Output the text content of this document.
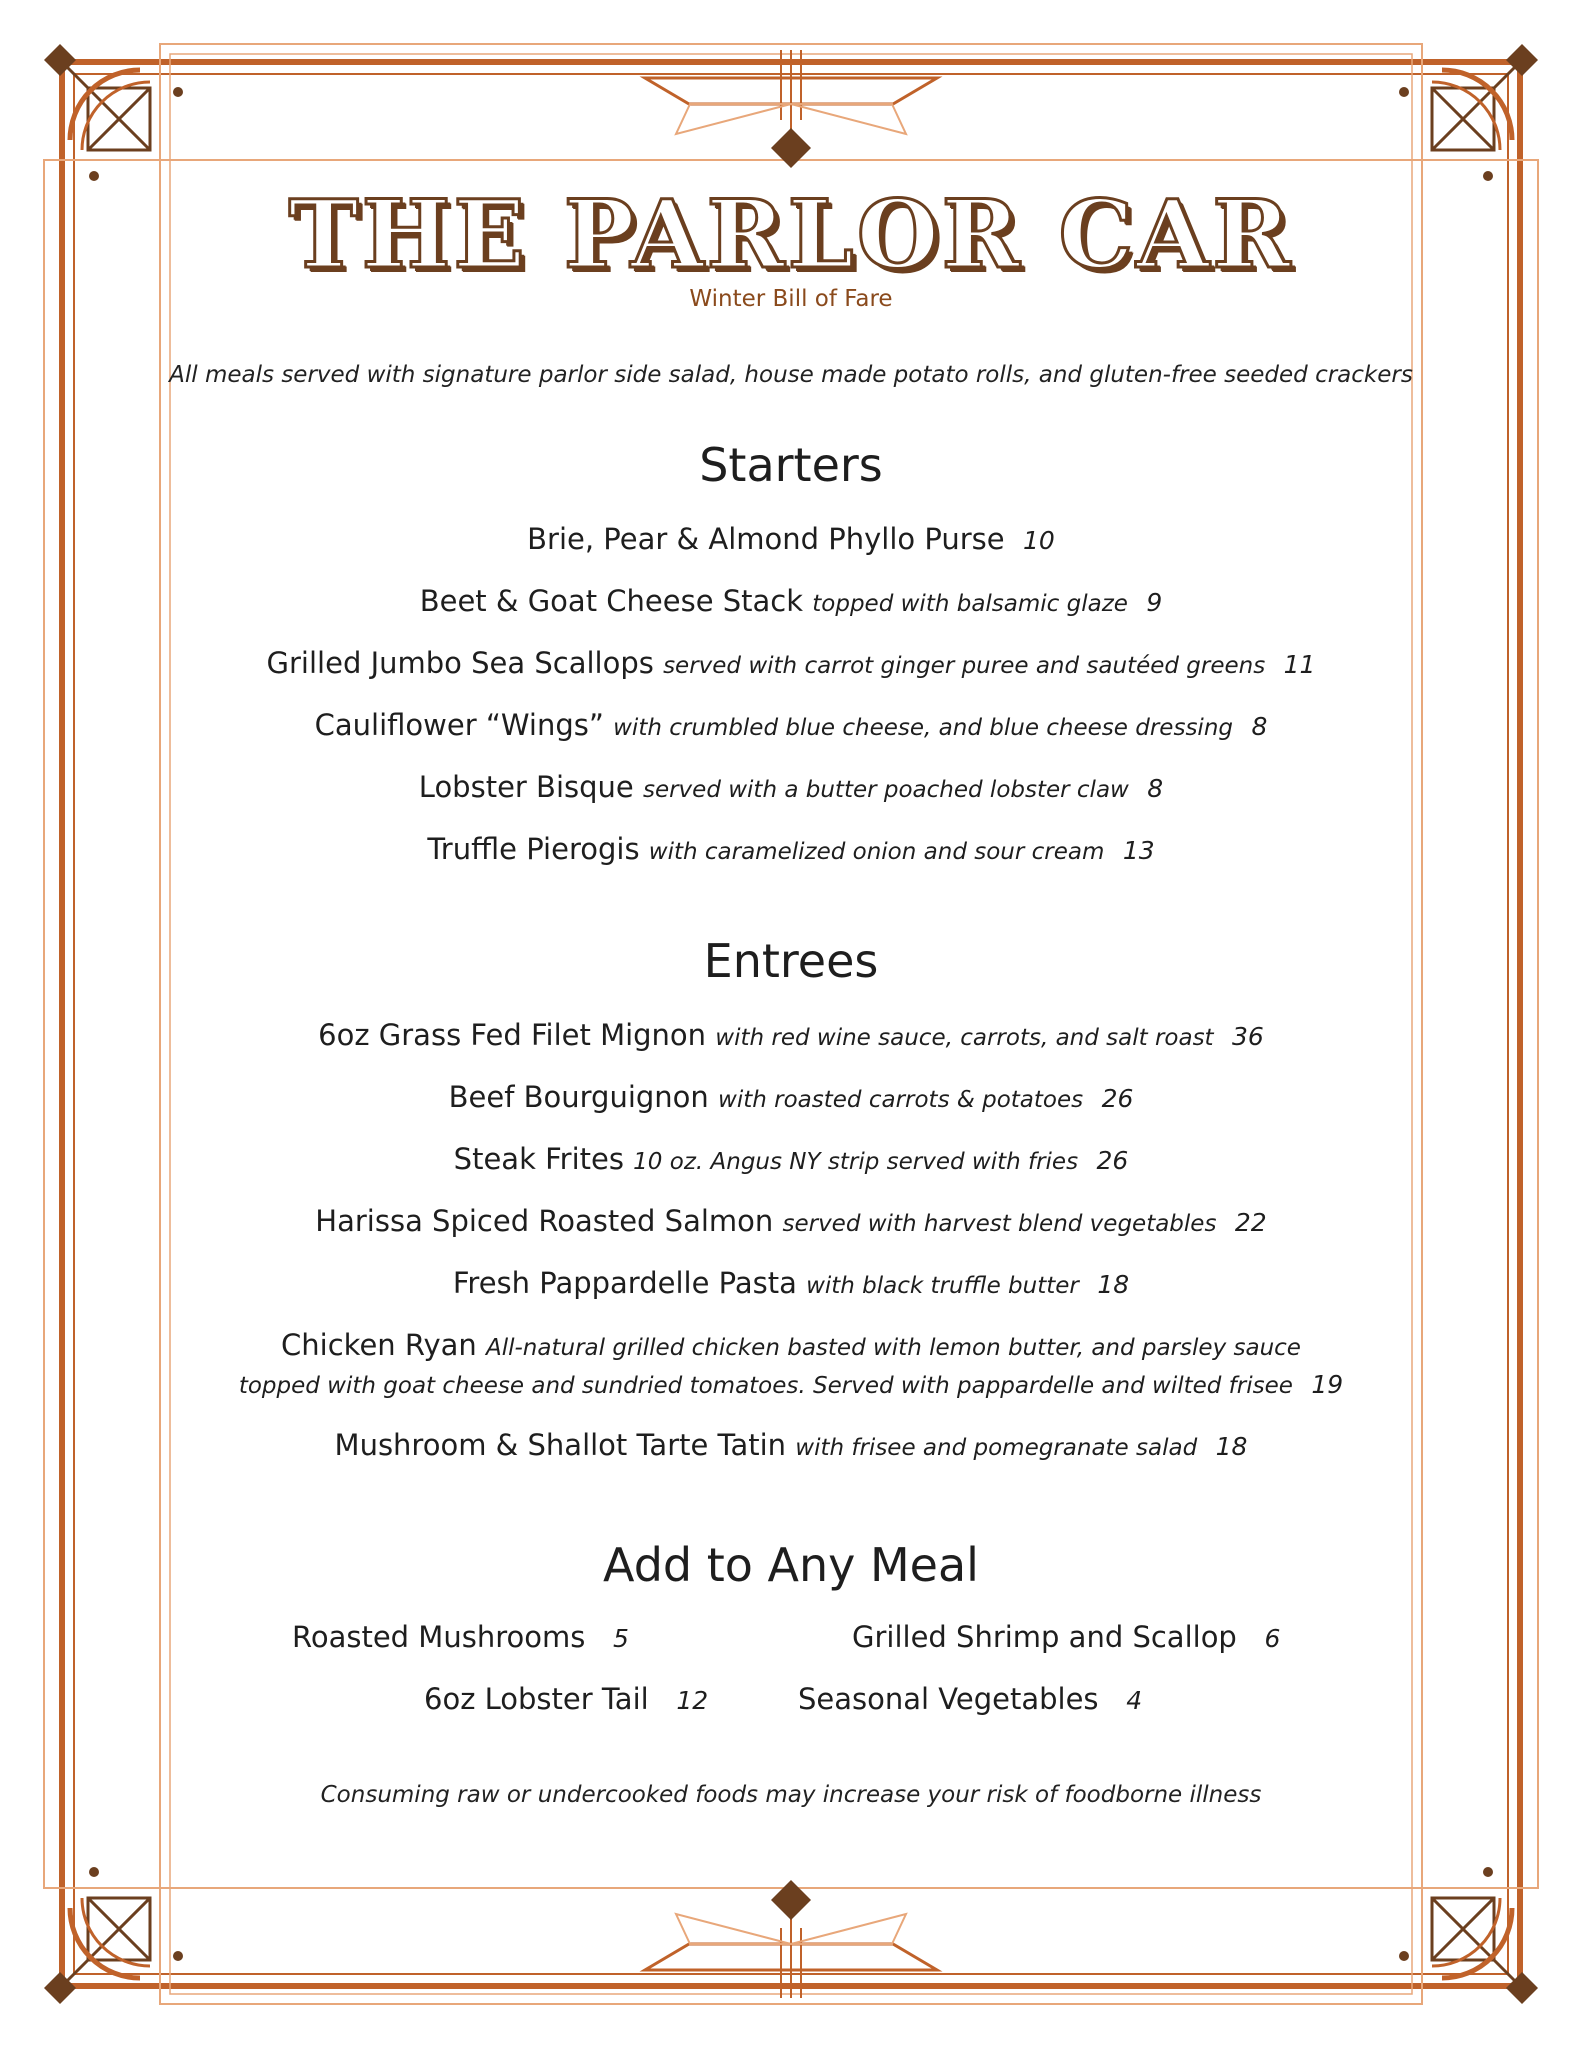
THE PARLOR CAR
Winter Bill of Fare
All meals served with signature parlor side salad, house made potato rolls, and gluten-free seeded crackers
Starters
Brie, Pear & Almond Phyllo Purse 10
Beet & Goat Cheese Stack topped with balsamic glaze 9
Grilled Jumbo Sea Scallops served with carrot ginger puree and sautéed greens 11
Cauliflower “Wings” with crumbled blue cheese, and blue cheese dressing 8
Lobster Bisque served with a butter poached lobster claw 8
Truffle Pierogis with caramelized onion and sour cream 13
Entrees
6oz Grass Fed Filet Mignon with red wine sauce, carrots, and salt roast 36
Beef Bourguignon with roasted carrots & potatoes 26
Steak Frites 10 oz. Angus NY strip served with fries 26
Harissa Spiced Roasted Salmon served with harvest blend vegetables 22
Fresh Pappardelle Pasta with black truffle butter 18
Chicken Ryan All-natural grilled chicken basted with lemon butter, and parsley sauce
topped with goat cheese and sundried tomatoes. Served with pappardelle and wilted frisee 19
Mushroom & Shallot Tarte Tatin with frisee and pomegranate salad 18
Add to Any Meal
Roasted Mushrooms 5	Grilled Shrimp and Scallop 6
6oz Lobster Tail 12	Seasonal Vegetables 4
Consuming raw or undercooked foods may increase your risk of foodborne illness
